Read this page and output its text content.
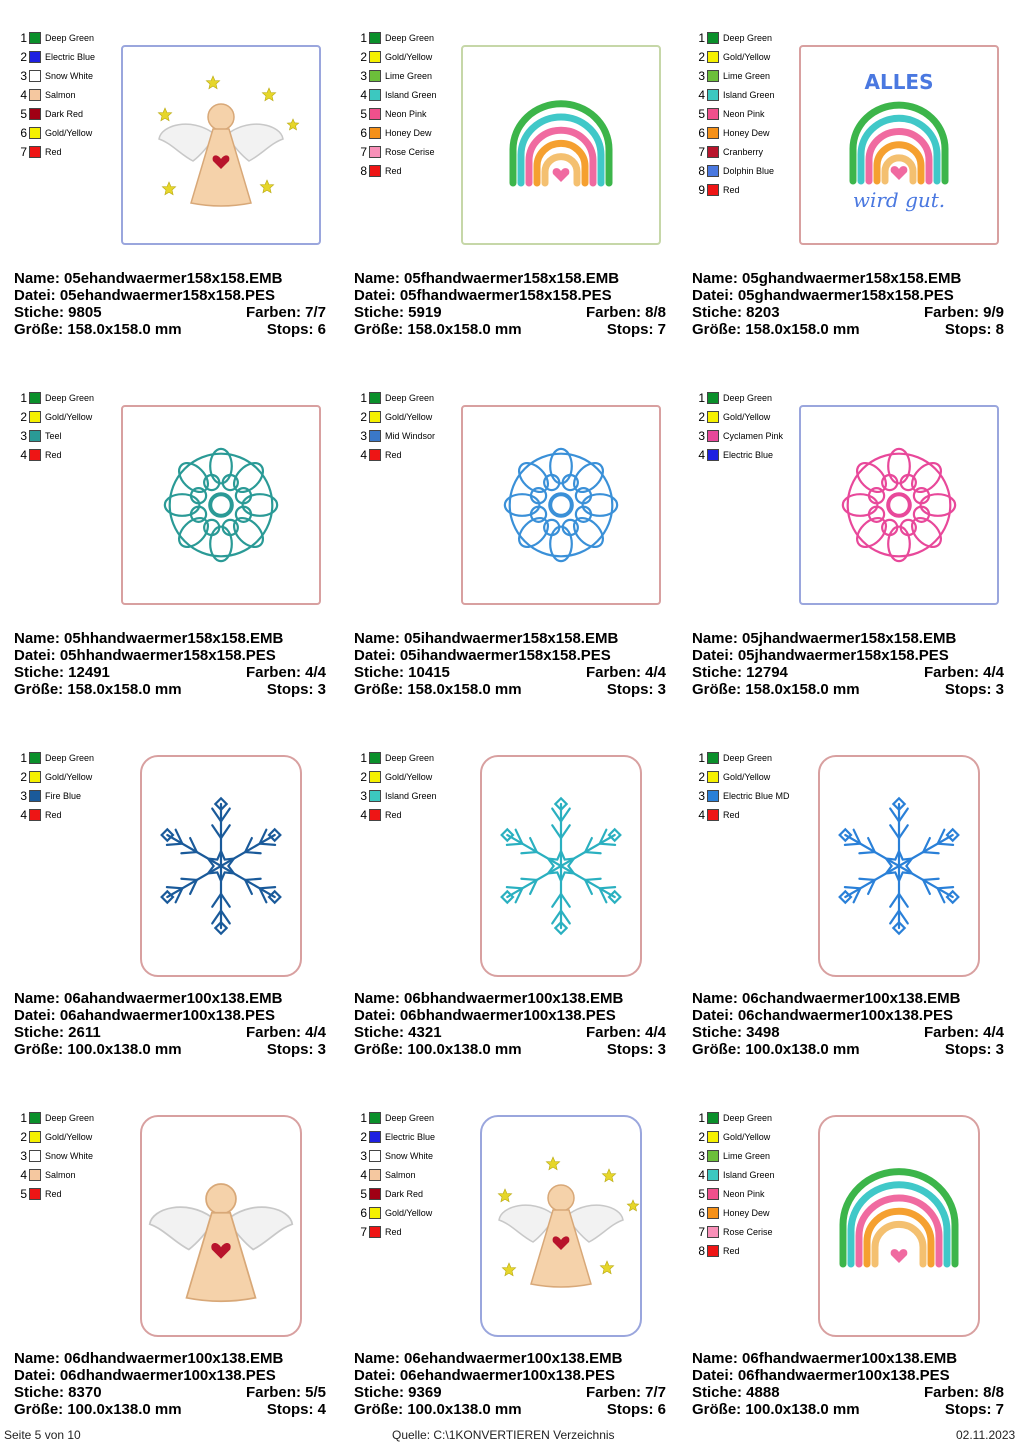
1 Deep Green
2 Electric Blue
3 Snow White
4 Salmon
5 Dark Red
6 Gold/Yellow
7 Red
Name: 05ehandwaermer158x158.EMB
Datei: 05ehandwaermer158x158.PES
Stiche: 9805	Farben: 7/7
Größe: 158.0x158.0 mm	Stops: 6
1 Deep Green
2 Gold/Yellow
3 Lime Green
4 Island Green
5 Neon Pink
6 Honey Dew
7 Rose Cerise
8 Red
Name: 05fhandwaermer158x158.EMB
Datei: 05fhandwaermer158x158.PES
Stiche: 5919	Farben: 8/8
Größe: 158.0x158.0 mm	Stops: 7
1 Deep Green
2 Gold/Yellow
3 Lime Green
4 Island Green
5 Neon Pink
6 Honey Dew
7 Cranberry
8 Dolphin Blue
9 Red
ALLES
wird gut.
Name: 05ghandwaermer158x158.EMB
Datei: 05ghandwaermer158x158.PES
Stiche: 8203	Farben: 9/9
Größe: 158.0x158.0 mm	Stops: 8
1 Deep Green
2 Gold/Yellow
3 Teel
4 Red
Name: 05hhandwaermer158x158.EMB
Datei: 05hhandwaermer158x158.PES
Stiche: 12491	Farben: 4/4
Größe: 158.0x158.0 mm	Stops: 3
1 Deep Green
2 Gold/Yellow
3 Mid Windsor
4 Red
Name: 05ihandwaermer158x158.EMB
Datei: 05ihandwaermer158x158.PES
Stiche: 10415	Farben: 4/4
Größe: 158.0x158.0 mm	Stops: 3
1 Deep Green
2 Gold/Yellow
3 Cyclamen Pink
4 Electric Blue
Name: 05jhandwaermer158x158.EMB
Datei: 05jhandwaermer158x158.PES
Stiche: 12794	Farben: 4/4
Größe: 158.0x158.0 mm	Stops: 3
1 Deep Green
2 Gold/Yellow
3 Fire Blue
4 Red
Name: 06ahandwaermer100x138.EMB
Datei: 06ahandwaermer100x138.PES
Stiche: 2611	Farben: 4/4
Größe: 100.0x138.0 mm	Stops: 3
1 Deep Green
2 Gold/Yellow
3 Island Green
4 Red
Name: 06bhandwaermer100x138.EMB
Datei: 06bhandwaermer100x138.PES
Stiche: 4321	Farben: 4/4
Größe: 100.0x138.0 mm	Stops: 3
1 Deep Green
2 Gold/Yellow
3 Electric Blue MD
4 Red
Name: 06chandwaermer100x138.EMB
Datei: 06chandwaermer100x138.PES
Stiche: 3498	Farben: 4/4
Größe: 100.0x138.0 mm	Stops: 3
1 Deep Green
2 Gold/Yellow
3 Snow White
4 Salmon
5 Red
Name: 06dhandwaermer100x138.EMB
Datei: 06dhandwaermer100x138.PES
Stiche: 8370	Farben: 5/5
Größe: 100.0x138.0 mm	Stops: 4
1 Deep Green
2 Electric Blue
3 Snow White
4 Salmon
5 Dark Red
6 Gold/Yellow
7 Red
Name: 06ehandwaermer100x138.EMB
Datei: 06ehandwaermer100x138.PES
Stiche: 9369	Farben: 7/7
Größe: 100.0x138.0 mm	Stops: 6
1 Deep Green
2 Gold/Yellow
3 Lime Green
4 Island Green
5 Neon Pink
6 Honey Dew
7 Rose Cerise
8 Red
Name: 06fhandwaermer100x138.EMB
Datei: 06fhandwaermer100x138.PES
Stiche: 4888	Farben: 8/8
Größe: 100.0x138.0 mm	Stops: 7
Seite 5 von 10	Quelle: C:\1KONVERTIEREN Verzeichnis	02.11.2023
